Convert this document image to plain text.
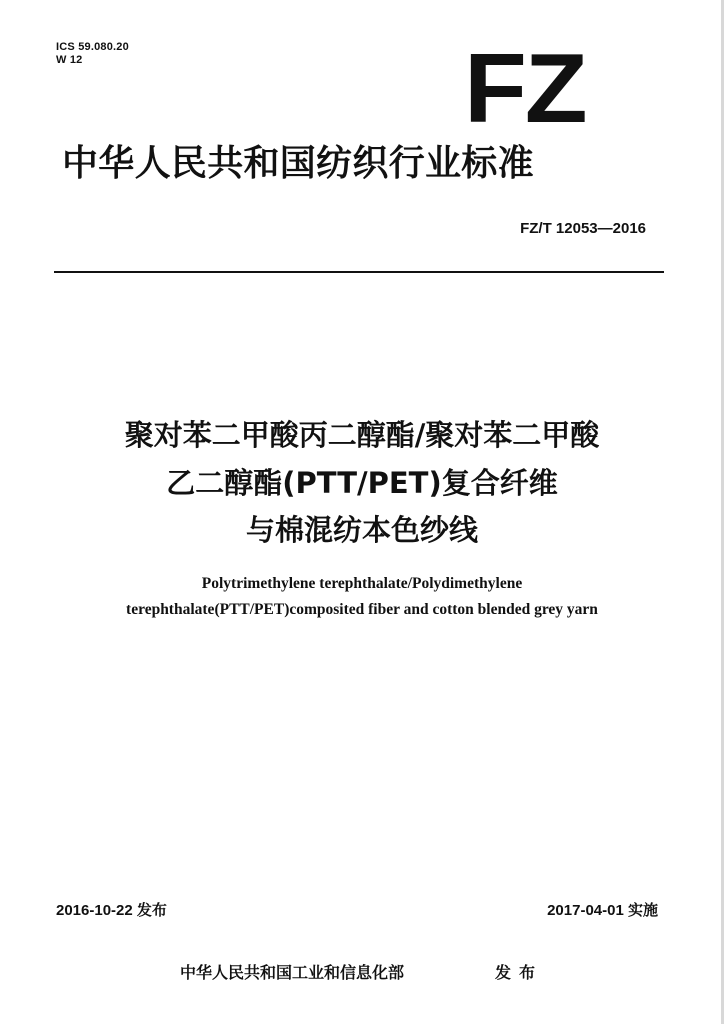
ICS 59.080.20
W 12	FZ
中华人民共和国纺织行业标准
FZ/T 12053—2016
聚对苯二甲酸丙二醇酯/聚对苯二甲酸
乙二醇酯(PTT/PET)复合纤维
与棉混纺本色纱线
Polytrimethylene terephthalate/Polydimethylene
terephthalate(PTT/PET)composited fiber and cotton blended grey yarn
2016-10-22 发布	2017-04-01 实施
中华人民共和国工业和信息化部	发布
